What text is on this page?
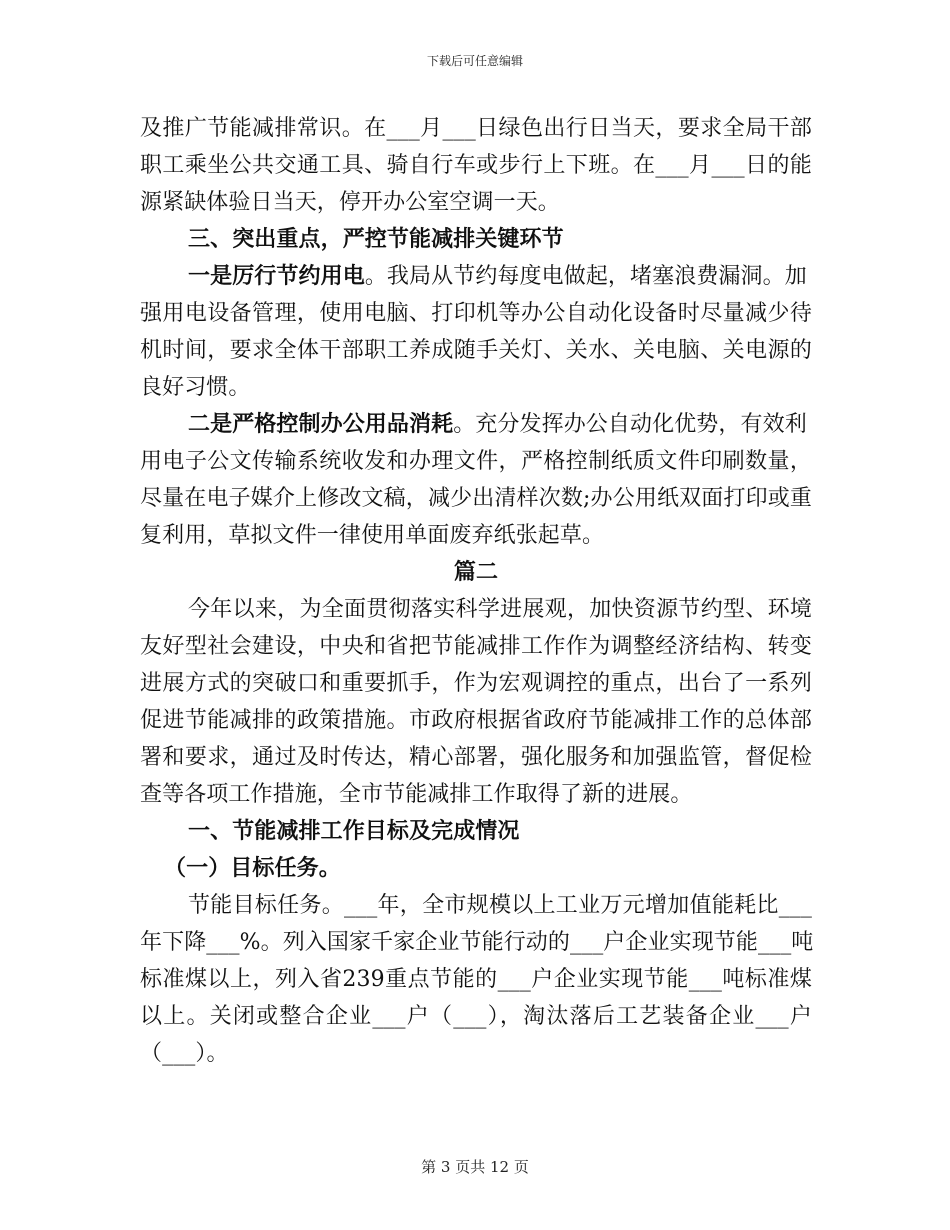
下载后可任意编辑
及推广节能减排常识。在___月___日绿色出行日当天，要求全局干部
职工乘坐公共交通工具、骑自行车或步行上下班。在___月___日的能
源紧缺体验日当天，停开办公室空调一天。
三、突出重点，严控节能减排关键环节
一是厉行节约用电。我局从节约每度电做起，堵塞浪费漏洞。加
强用电设备管理，使用电脑、打印机等办公自动化设备时尽量减少待
机时间，要求全体干部职工养成随手关灯、关水、关电脑、关电源的
良好习惯。
二是严格控制办公用品消耗。充分发挥办公自动化优势，有效利
用电子公文传输系统收发和办理文件，严格控制纸质文件印刷数量，
尽量在电子媒介上修改文稿，减少出清样次数;办公用纸双面打印或重
复利用，草拟文件一律使用单面废弃纸张起草。
篇二
今年以来，为全面贯彻落实科学进展观，加快资源节约型、环境
友好型社会建设，中央和省把节能减排工作作为调整经济结构、转变
进展方式的突破口和重要抓手，作为宏观调控的重点，出台了一系列
促进节能减排的政策措施。市政府根据省政府节能减排工作的总体部
署和要求，通过及时传达，精心部署，强化服务和加强监管，督促检
查等各项工作措施，全市节能减排工作取得了新的进展。
一、节能减排工作目标及完成情况
（一）目标任务。
节能目标任务。___年，全市规模以上工业万元增加值能耗比___
年下降___%。列入国家千家企业节能行动的___户企业实现节能___吨
标准煤以上，列入省239重点节能的___户企业实现节能___吨标准煤
以上。关闭或整合企业___户（___），淘汰落后工艺装备企业___户
（___）。
第 3 页共 12 页
